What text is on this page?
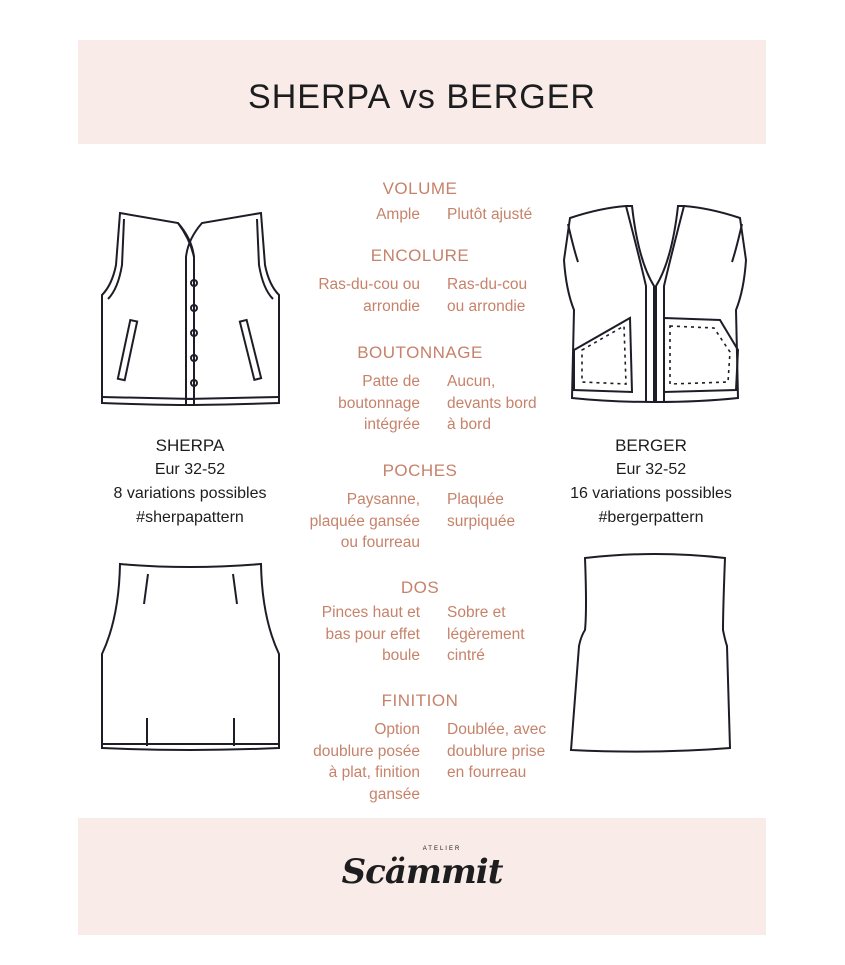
SHERPA vs BERGER
SHERPA
Eur 32-52
8 variations possibles
#sherpapattern
BERGER
Eur 32-52
16 variations possibles
#bergerpattern
VOLUME
Ample Plutôt ajusté
ENCOLURE
Ras-du-cou ou
arrondie
Ras-du-cou
ou arrondie
BOUTONNAGE
Patte de
boutonnage
intégrée
Aucun,
devants bord
à bord
POCHES
Paysanne,
plaquée gansée
ou fourreau
Plaquée
surpiquée
DOS
Pinces haut et
bas pour effet
boule
Sobre et
légèrement
cintré
FINITION
Option
doublure posée
à plat, finition
gansée
Doublée, avec
doublure prise
en fourreau
ATELIER
Scämmit
